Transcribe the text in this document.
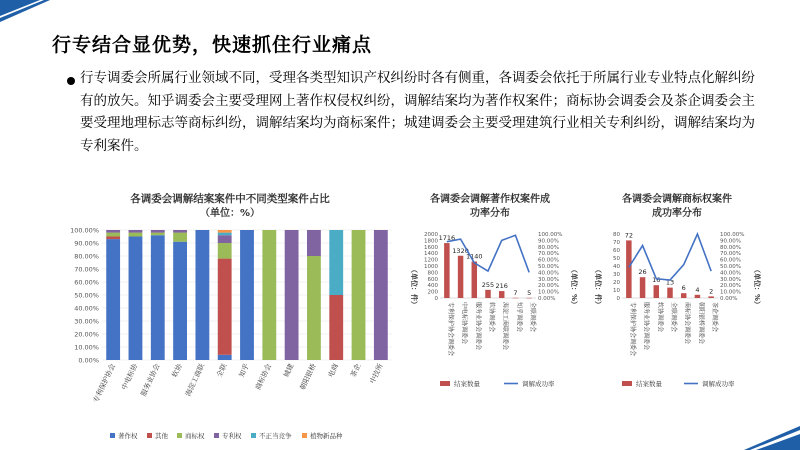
行专结合显优势，快速抓住行业痛点
行专调委会所属行业领域不同，受理各类型知识产权纠纷时各有侧重，各调委会依托于所属行业专业特点化解纠纷有的放矢。知乎调委会主要受理网上著作权侵权纠纷，调解结案均为著作权案件；商标协会调委会及茶企调委会主要受理地理标志等商标纠纷，调解结案均为商标案件；城建调委会主要受理建筑行业相关专利纠纷，调解结案均为专利案件。
各调委会调解结案案件中不同类型案件占比
（单位：%）
0.00%
10.00%
20.00%
30.00%
40.00%
50.00%
60.00%
70.00%
80.00%
90.00%
100.00%
专利保护协会 中电标协 服务业协会 软协 海淀工商联 全联 知乎 商标协会 城建 朝阳银桥 电商 茶企 中技所
著作权	其他	商标权	专利权	不正当竞争	植物新品种
各调委会调解著作权案件成
功率分布
0
200
400
600
800
1000
1200
1400
1600
1800
2000
0.00%
10.00%
20.00%
30.00%
40.00%
50.00%
60.00%
70.00%
80.00%
90.00%
100.00%
（单位：件）	（单位：%）
1716
专利保护协会调委会
1320
中电标协调委会
1140
服务业协会调委会
255
软协调委会
216
海淀工商联调委会
7
知乎调委会
5
全联调委会
结案数量	调解成功率
各调委会调解商标权案件
成功率分布
0
10
20
30
40
50
60
70
80
0.00%
10.00%
20.00%
30.00%
40.00%
50.00%
60.00%
70.00%
80.00%
90.00%
100.00%
（单位：件）	（单位：%）
72
专利保护协会调委会
26
服务业协会调委会
16
软协调委会
13
全联调委会
6
商标协会调委会
4
朝阳银桥调委会
2
茶企调委会
结案数量	调解成功率
